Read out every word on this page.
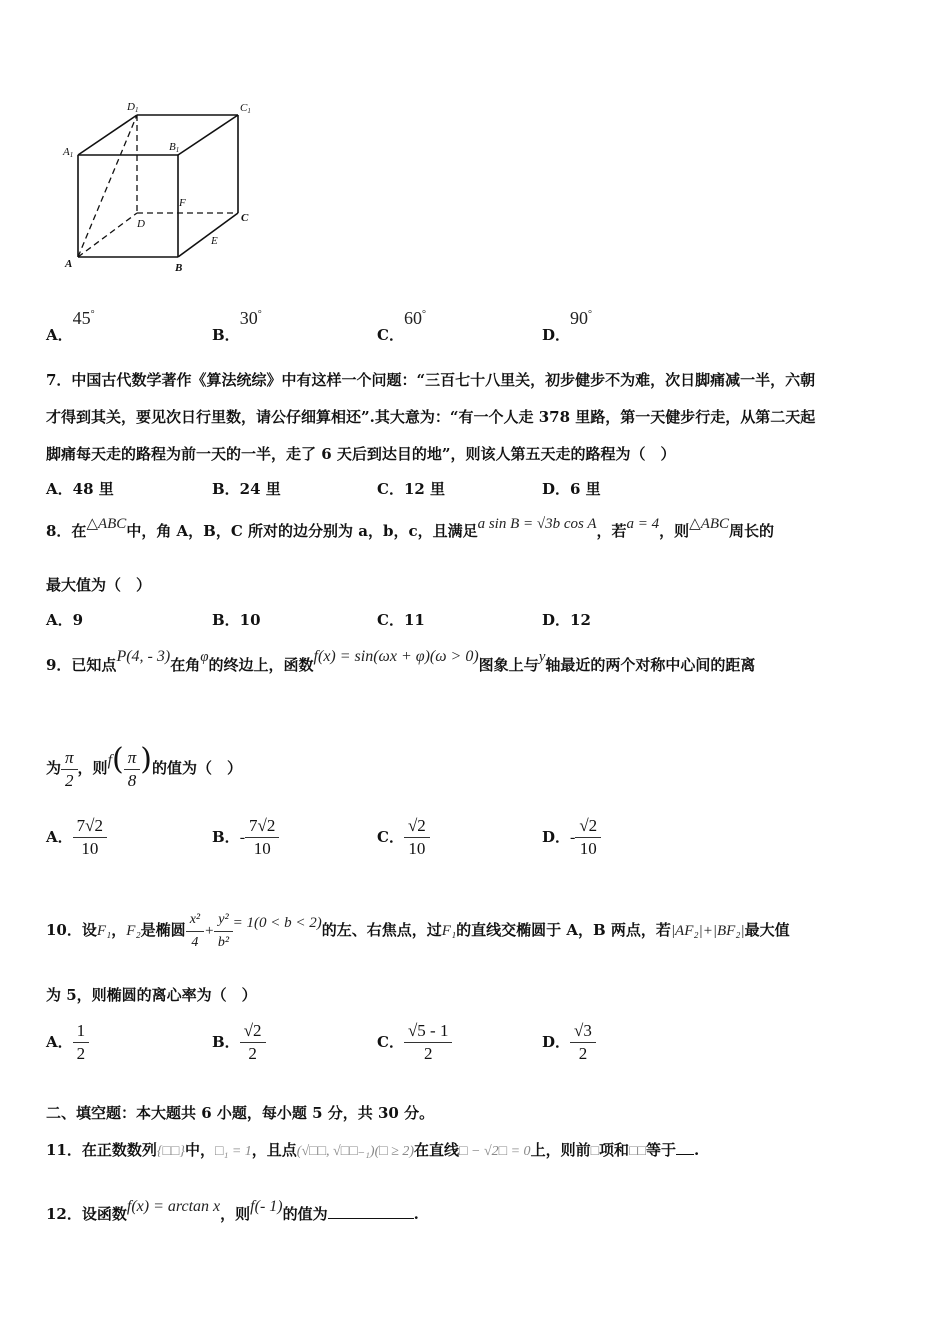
D1	C1
A1
B1
D
F
C
E
A	B
A．45°
B．30°
C．60°
D．90°
7．中国古代数学著作《算法统综》中有这样一个问题：“三百七十八里关，初步健步不为难，次日脚痛减一半，六朝
才得到其关，要见次日行里数，请公仔细算相还”.其大意为：“有一个人走 378 里路，第一天健步行走，从第二天起
脚痛每天走的路程为前一天的一半，走了 6 天后到达目的地”，则该人第五天走的路程为（　）
A．48 里	B．24 里	C．12 里	D．6 里
8．在△ABC中，角 A，B，C 所对的边分别为 a，b，c，且满足a sin B = √3b cos A，若a = 4，则△ABC周长的
最大值为（　）
A．9	B．10	C．11	D．12
9．已知点P(4, - 3)在角φ的终边上，函数f(x) = sin(ωx + φ)(ω > 0)图象上与y轴最近的两个对称中心间的距离
为 $\frac{\pi}{2}$ ，则$f( \frac{\pi}{8}$ )的值为（　）
A． $\frac{7√2}{10}$	B．- $\frac{7√2}{10}$	C． $\frac{√2}{10}$	D．- $\frac{√2}{10}$
10．设F₁，F₂是椭圆 $\frac{\text{x²}}{4} + \frac{\text{y²}}{\text{b²}} = 1(0 < b < 2)$的左、右焦点，过F₁的直线交椭圆于 A，B 两点，若|AF₂|+|BF₂|最大值
为 5，则椭圆的离心率为（　）
A． $\frac{1}{2}$	B． $\frac{√2}{2}$	C． $\frac{√5 - 1}{2}$	D． $\frac{√3}{2}$
二、填空题：本大题共 6 小题，每小题 5 分，共 30 分。
11．在正数数列{□□}中，□₁ = 1，且点(√□□, √□□₋₁)(□ ≥ 2)在直线□ − √2□ = 0上，则前□项和□□等于 .
12．设函数f(x) = arctan x，则f(- 1)的值为	.
